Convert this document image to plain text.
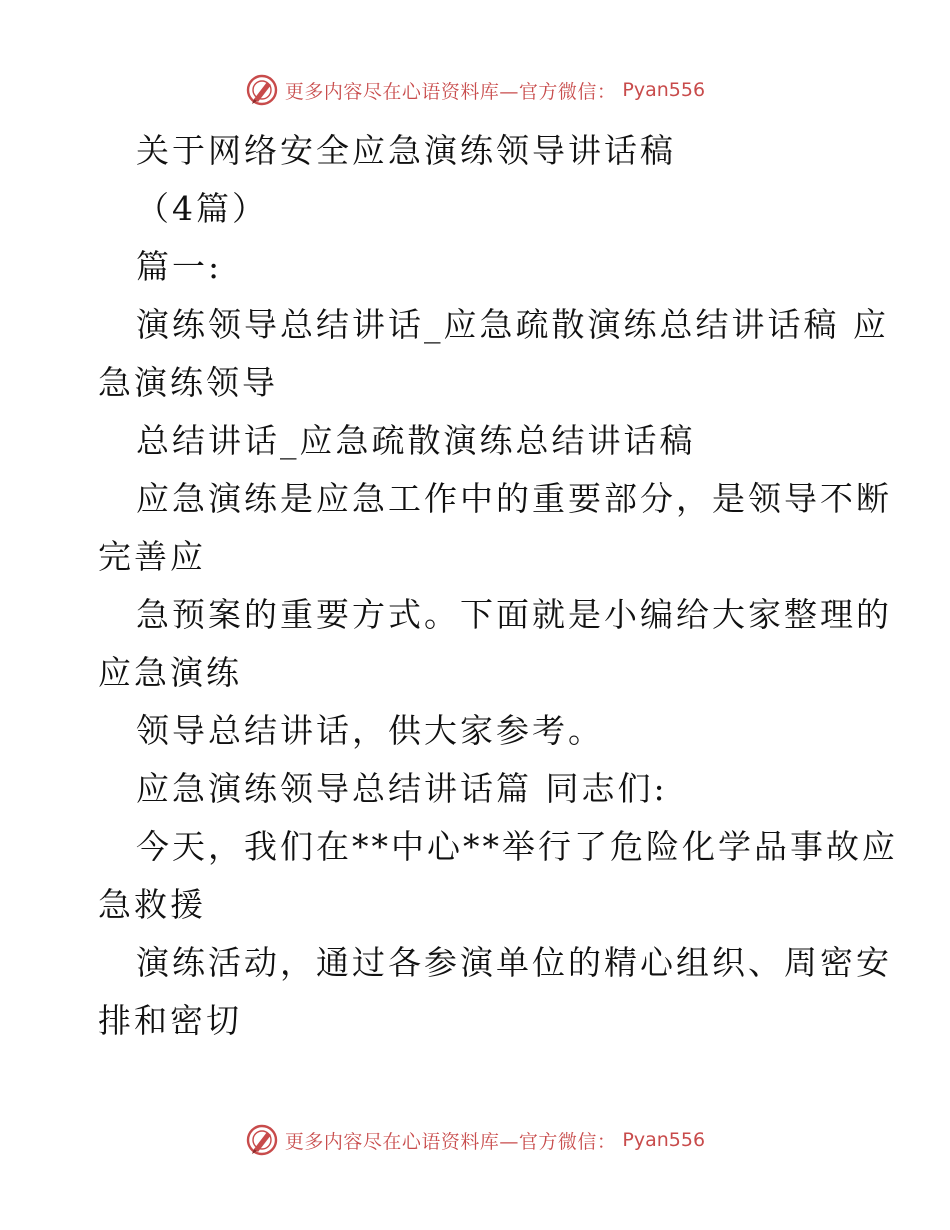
更多内容尽在心语资料库—官方微信： Pyan556
关于网络安全应急演练领导讲话稿
（4篇）
篇一:
演练领导总结讲话_应急疏散演练总结讲话稿 应
急演练领导
总结讲话_应急疏散演练总结讲话稿
应急演练是应急工作中的重要部分，是领导不断
完善应
急预案的重要方式。下面就是小编给大家整理的
应急演练
领导总结讲话，供大家参考。
应急演练领导总结讲话篇 同志们:
今天，我们在**中心**举行了危险化学品事故应
急救援
演练活动，通过各参演单位的精心组织、周密安
排和密切
更多内容尽在心语资料库—官方微信： Pyan556
